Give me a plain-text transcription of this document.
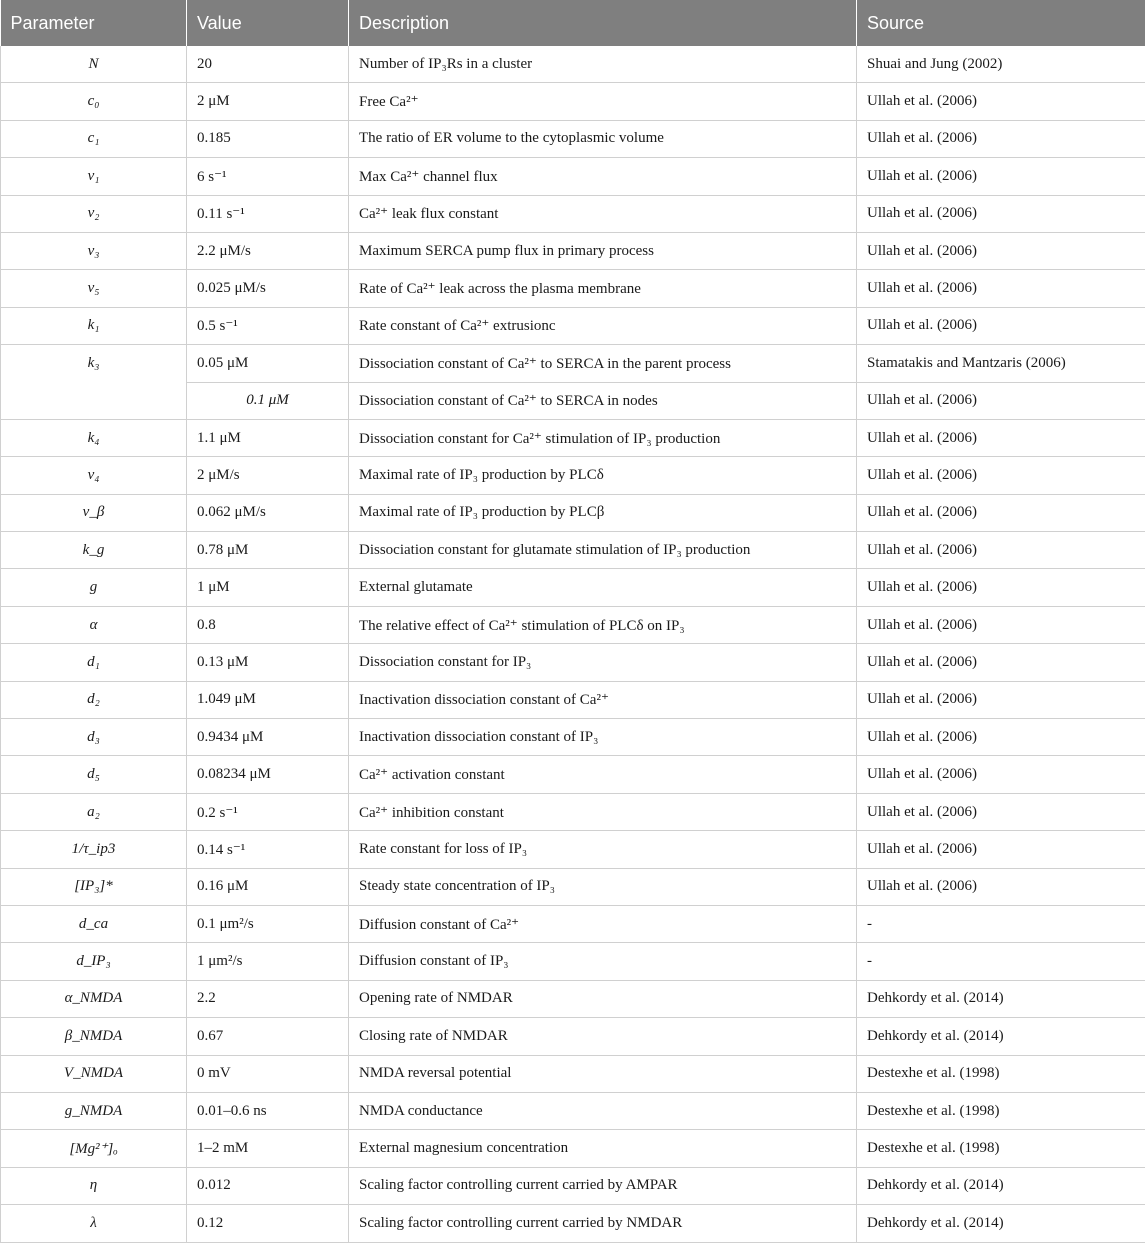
Parameter	Value	Description	Source
N	20	Number of IP₃Rs in a cluster	Shuai and Jung (2002)
c₀	2 μM	Free Ca²⁺	Ullah et al. (2006)
c₁	0.185	The ratio of ER volume to the cytoplasmic volume	Ullah et al. (2006)
v₁	6 s⁻¹	Max Ca²⁺ channel flux	Ullah et al. (2006)
v₂	0.11 s⁻¹	Ca²⁺ leak flux constant	Ullah et al. (2006)
v₃	2.2 μM/s	Maximum SERCA pump flux in primary process	Ullah et al. (2006)
v₅	0.025 μM/s	Rate of Ca²⁺ leak across the plasma membrane	Ullah et al. (2006)
k₁	0.5 s⁻¹	Rate constant of Ca²⁺ extrusionc	Ullah et al. (2006)
k₃	0.05 μM	Dissociation constant of Ca²⁺ to SERCA in the parent process	Stamatakis and Mantzaris (2006)
	0.1 μM	Dissociation constant of Ca²⁺ to SERCA in nodes	Ullah et al. (2006)
k₄	1.1 μM	Dissociation constant for Ca²⁺ stimulation of IP₃ production	Ullah et al. (2006)
v₄	2 μM/s	Maximal rate of IP₃ production by PLCδ	Ullah et al. (2006)
v_β	0.062 μM/s	Maximal rate of IP₃ production by PLCβ	Ullah et al. (2006)
k_g	0.78 μM	Dissociation constant for glutamate stimulation of IP₃ production	Ullah et al. (2006)
g	1 μM	External glutamate	Ullah et al. (2006)
α	0.8	The relative effect of Ca²⁺ stimulation of PLCδ on IP₃	Ullah et al. (2006)
d₁	0.13 μM	Dissociation constant for IP₃	Ullah et al. (2006)
d₂	1.049 μM	Inactivation dissociation constant of Ca²⁺	Ullah et al. (2006)
d₃	0.9434 μM	Inactivation dissociation constant of IP₃	Ullah et al. (2006)
d₅	0.08234 μM	Ca²⁺ activation constant	Ullah et al. (2006)
a₂	0.2 s⁻¹	Ca²⁺ inhibition constant	Ullah et al. (2006)
1/τ_ip3	0.14 s⁻¹	Rate constant for loss of IP₃	Ullah et al. (2006)
[IP₃]*	0.16 μM	Steady state concentration of IP₃	Ullah et al. (2006)
d_ca	0.1 μm²/s	Diffusion constant of Ca²⁺	-
d_IP₃	1 μm²/s	Diffusion constant of IP₃	-
α_NMDA	2.2	Opening rate of NMDAR	Dehkordy et al. (2014)
β_NMDA	0.67	Closing rate of NMDAR	Dehkordy et al. (2014)
V_NMDA	0 mV	NMDA reversal potential	Destexhe et al. (1998)
g_NMDA	0.01–0.6 ns	NMDA conductance	Destexhe et al. (1998)
[Mg²⁺]ₒ	1–2 mM	External magnesium concentration	Destexhe et al. (1998)
η	0.012	Scaling factor controlling current carried by AMPAR	Dehkordy et al. (2014)
λ	0.12	Scaling factor controlling current carried by NMDAR	Dehkordy et al. (2014)
